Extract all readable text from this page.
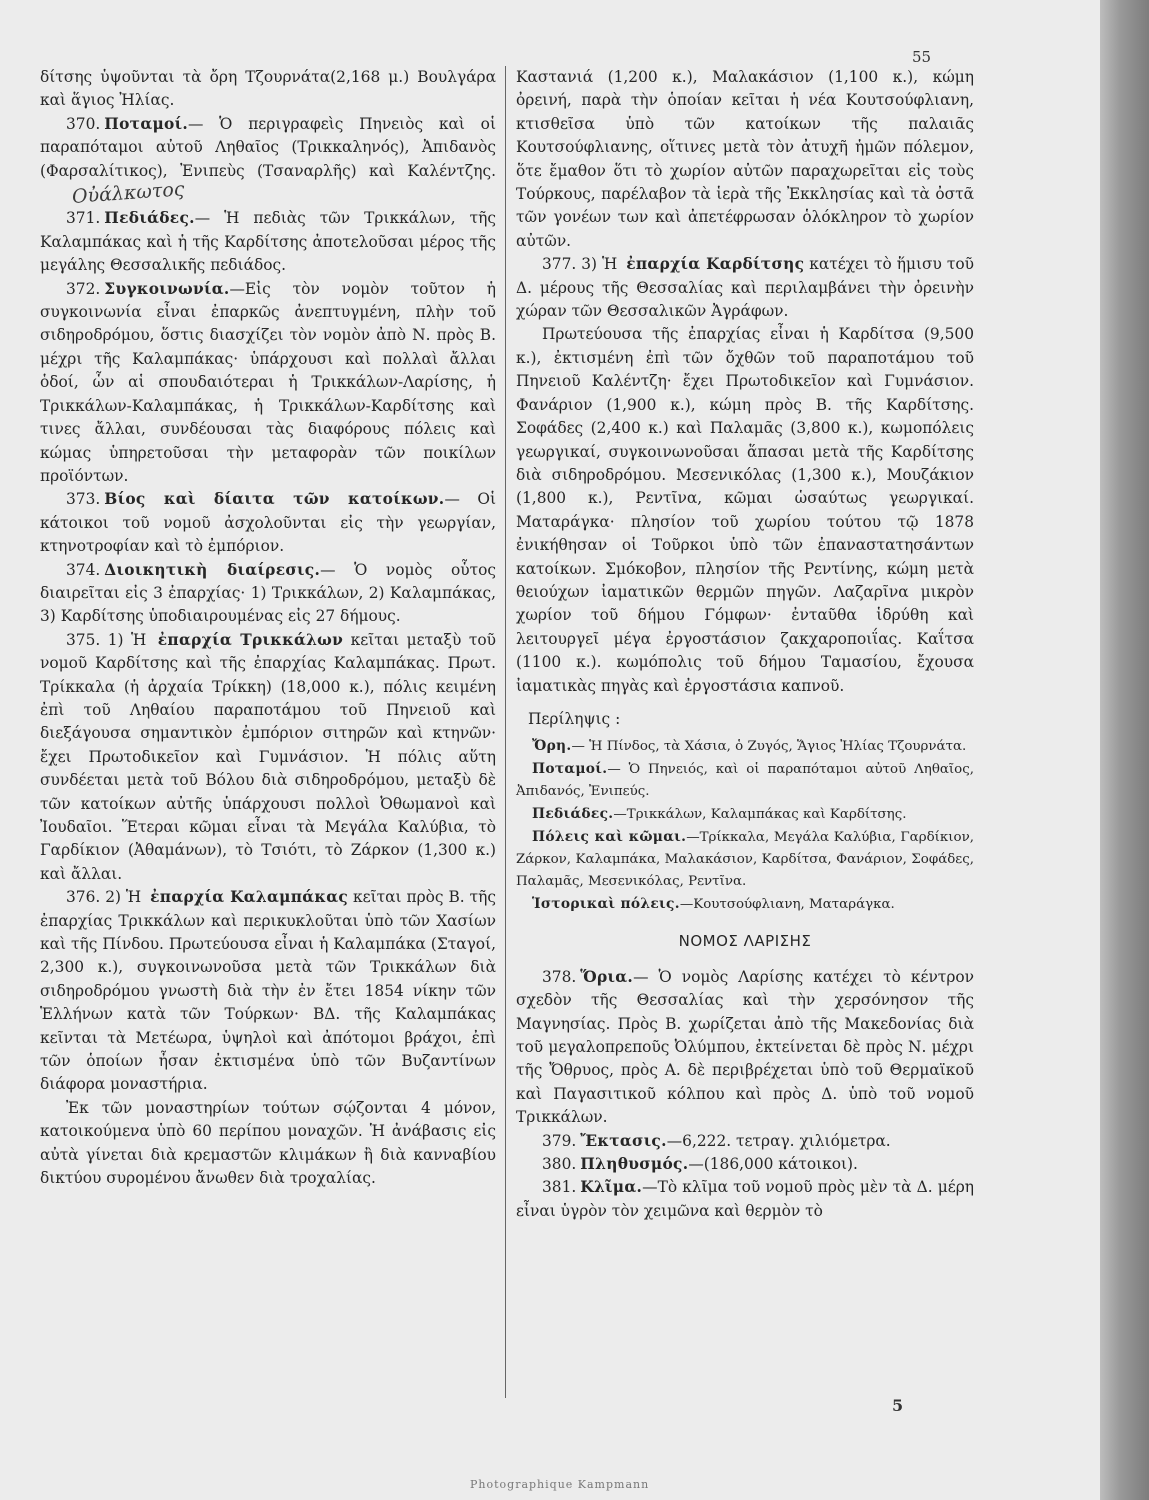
55

δίτσης ὑψοῦνται τὰ ὄρη Τζουρνάτα(2,168 μ.) Βουλγάρα καὶ ἅγιος Ἠλίας.

370. Ποταμοί.— Ὁ περιγραφεὶς Πηνειὸς καὶ οἱ παραπόταμοι αὐτοῦ Ληθαῖος (Τρικκαληνός), Ἀπιδανὸς (Φαρσαλίτικος), Ἐνιπεὺς (Τσαναρλῆς) καὶ Καλέντζης.Οὐάλκωτος

371. Πεδιάδες.— Ἡ πεδιὰς τῶν Τρικκάλων, τῆς Καλαμπάκας καὶ ἡ τῆς Καρδίτσης ἀποτελοῦσαι μέρος τῆς μεγάλης Θεσσαλικῆς πεδιάδος.

372. Συγκοινωνία.—Εἰς τὸν νομὸν τοῦτον ἡ συγκοινωνία εἶναι ἐπαρκῶς ἀνεπτυγμένη, πλὴν τοῦ σιδηροδρόμου, ὅστις διασχίζει τὸν νομὸν ἀπὸ Ν. πρὸς Β. μέχρι τῆς Καλαμπάκας· ὑπάρχουσι καὶ πολλαὶ ἄλλαι ὁδοί, ὧν αἱ σπουδαιότεραι ἡ Τρικκάλων-Λαρίσης, ἡ Τρικκάλων-Καλαμπάκας, ἡ Τρικκάλων-Καρδίτσης καὶ τινες ἄλλαι, συνδέουσαι τὰς διαφόρους πόλεις καὶ κώμας ὑπηρετοῦσαι τὴν μεταφορὰν τῶν ποικίλων προϊόντων.

373. Βίος καὶ δίαιτα τῶν κατοίκων.— Οἱ κάτοικοι τοῦ νομοῦ ἀσχολοῦνται εἰς τὴν γεωργίαν, κτηνοτροφίαν καὶ τὸ ἐμπόριον.

374. Διοικητικὴ διαίρεσις.— Ὁ νομὸς οὗτος διαιρεῖται εἰς 3 ἐπαρχίας· 1) Τρικκάλων, 2) Καλαμπάκας, 3) Καρδίτσης ὑποδιαιρουμένας εἰς 27 δήμους.

375. 1) Ἡ ἐπαρχία Τρικκάλων κεῖται μεταξὺ τοῦ νομοῦ Καρδίτσης καὶ τῆς ἐπαρχίας Καλαμπάκας. Πρωτ. Τρίκκαλα (ἡ ἀρχαία Τρίκκη) (18,000 κ.), πόλις κειμένη ἐπὶ τοῦ Ληθαίου παραποτάμου τοῦ Πηνειοῦ καὶ διεξάγουσα σημαντικὸν ἐμπόριον σιτηρῶν καὶ κτηνῶν· ἔχει Πρωτοδικεῖον καὶ Γυμνάσιον. Ἡ πόλις αὕτη συνδέεται μετὰ τοῦ Βόλου διὰ σιδηροδρόμου, μεταξὺ δὲ τῶν κατοίκων αὐτῆς ὑπάρχουσι πολλοὶ Ὀθωμανοὶ καὶ Ἰουδαῖοι. Ἕτεραι κῶμαι εἶναι τὰ Μεγάλα Καλύβια, τὸ Γαρδίκιον (Ἀθαμάνων), τὸ Τσιότι, τὸ Ζάρκον (1,300 κ.) καὶ ἄλλαι.

376. 2) Ἡ ἐπαρχία Καλαμπάκας κεῖται πρὸς Β. τῆς ἐπαρχίας Τρικκάλων καὶ περικυκλοῦται ὑπὸ τῶν Χασίων καὶ τῆς Πίνδου. Πρωτεύουσα εἶναι ἡ Καλαμπάκα (Σταγοί, 2,300 κ.), συγκοινωνοῦσα μετὰ τῶν Τρικκάλων διὰ σιδηροδρόμου γνωστὴ διὰ τὴν ἐν ἔτει 1854 νίκην τῶν Ἑλλήνων κατὰ τῶν Τούρκων· ΒΔ. τῆς Καλαμπάκας κεῖνται τὰ Μετέωρα, ὑψηλοὶ καὶ ἀπότομοι βράχοι, ἐπὶ τῶν ὁποίων ἦσαν ἐκτισμένα ὑπὸ τῶν Βυζαντίνων διάφορα μοναστήρια.

Ἐκ τῶν μοναστηρίων τούτων σῴζονται 4 μόνον, κατοικούμενα ὑπὸ 60 περίπου μοναχῶν. Ἡ ἀνάβασις εἰς αὐτὰ γίνεται διὰ κρεμαστῶν κλιμάκων ἢ διὰ κανναβίου δικτύου συρομένου ἄνωθεν διὰ τροχαλίας.

Καστανιά (1,200 κ.), Μαλακάσιον (1,100 κ.), κώμη ὀρεινή, παρὰ τὴν ὁποίαν κεῖται ἡ νέα Κουτσούφλιανη, κτισθεῖσα ὑπὸ τῶν κατοίκων τῆς παλαιᾶς Κουτσούφλιανης, οἵτινες μετὰ τὸν ἀτυχῆ ἡμῶν πόλεμον, ὅτε ἔμαθον ὅτι τὸ χωρίον αὐτῶν παραχωρεῖται εἰς τοὺς Τούρκους, παρέλαβον τὰ ἱερὰ τῆς Ἐκκλησίας καὶ τὰ ὀστᾶ τῶν γονέων των καὶ ἀπετέφρωσαν ὁλόκληρον τὸ χωρίον αὐτῶν.

377. 3) Ἡ ἐπαρχία Καρδίτσης κατέχει τὸ ἥμισυ τοῦ Δ. μέρους τῆς Θεσσαλίας καὶ περιλαμβάνει τὴν ὀρεινὴν χώραν τῶν Θεσσαλικῶν Ἀγράφων.

Πρωτεύουσα τῆς ἐπαρχίας εἶναι ἡ Καρδίτσα (9,500 κ.), ἐκτισμένη ἐπὶ τῶν ὄχθῶν τοῦ παραποτάμου τοῦ Πηνειοῦ Καλέντζη· ἔχει Πρωτοδικεῖον καὶ Γυμνάσιον. Φανάριον (1,900 κ.), κώμη πρὸς Β. τῆς Καρδίτσης. Σοφάδες (2,400 κ.) καὶ Παλαμᾶς (3,800 κ.), κωμοπόλεις γεωργικαί, συγκοινωνοῦσαι ἅπασαι μετὰ τῆς Καρδίτσης διὰ σιδηροδρόμου. Μεσενικόλας (1,300 κ.), Μουζάκιον (1,800 κ.), Ρεντῖνα, κῶμαι ὡσαύτως γεωργικαί. Ματαράγκα· πλησίον τοῦ χωρίου τούτου τῷ 1878 ἐνικήθησαν οἱ Τοῦρκοι ὑπὸ τῶν ἐπαναστατησάντων κατοίκων. Σμόκοβον, πλησίον τῆς Ρεντίνης, κώμη μετὰ θειούχων ἰαματικῶν θερμῶν πηγῶν. Λαζαρῖνα μικρὸν χωρίον τοῦ δήμου Γόμφων· ἐνταῦθα ἱδρύθη καὶ λειτουργεῖ μέγα ἐργοστάσιον ζακχαροποιΐας. Καΐτσα (1100 κ.). κωμόπολις τοῦ δήμου Ταμασίου, ἔχουσα ἰαματικὰς πηγὰς καὶ ἐργοστάσια καπνοῦ.

Περίληψις :

Ὄρη.— Ἡ Πίνδος, τὰ Χάσια, ὁ Ζυγός, Ἅγιος Ἠλίας Τζουρνάτα.

Ποταμοί.— Ὁ Πηνειός, καὶ οἱ παραπόταμοι αὐτοῦ Ληθαῖος, Ἀπιδανός, Ἐνιπεύς.

Πεδιάδες.—Τρικκάλων, Καλαμπάκας καὶ Καρδίτσης.

Πόλεις καὶ κῶμαι.—Τρίκκαλα, Μεγάλα Καλύβια, Γαρδίκιον, Ζάρκον, Καλαμπάκα, Μαλακάσιον, Καρδίτσα, Φανάριον, Σοφάδες, Παλαμᾶς, Μεσενικόλας, Ρεντῖνα.

Ἱστορικαὶ πόλεις.—Κουτσούφλιανη, Ματαράγκα.

ΝΟΜΟΣ ΛΑΡΙΣΗΣ

378. Ὅρια.— Ὁ νομὸς Λαρίσης κατέχει τὸ κέντρον σχεδὸν τῆς Θεσσαλίας καὶ τὴν χερσόνησον τῆς Μαγνησίας. Πρὸς Β. χωρίζεται ἀπὸ τῆς Μακεδονίας διὰ τοῦ μεγαλοπρεποῦς Ὀλύμπου, ἐκτείνεται δὲ πρὸς Ν. μέχρι τῆς Ὄθρυος, πρὸς Α. δὲ περιβρέχεται ὑπὸ τοῦ Θερμαϊκοῦ καὶ Παγασιτικοῦ κόλπου καὶ πρὸς Δ. ὑπὸ τοῦ νομοῦ Τρικκάλων.

379. Ἔκτασις.—6,222. τετραγ. χιλιόμετρα.

380. Πληθυσμός.—(186,000 κάτοικοι).

381. Κλῖμα.—Τὸ κλῖμα τοῦ νομοῦ πρὸς μὲν τὰ Δ. μέρη εἶναι ὑγρὸν τὸν χειμῶνα καὶ θερμὸν τὸ

5
Photographique Kampmann
